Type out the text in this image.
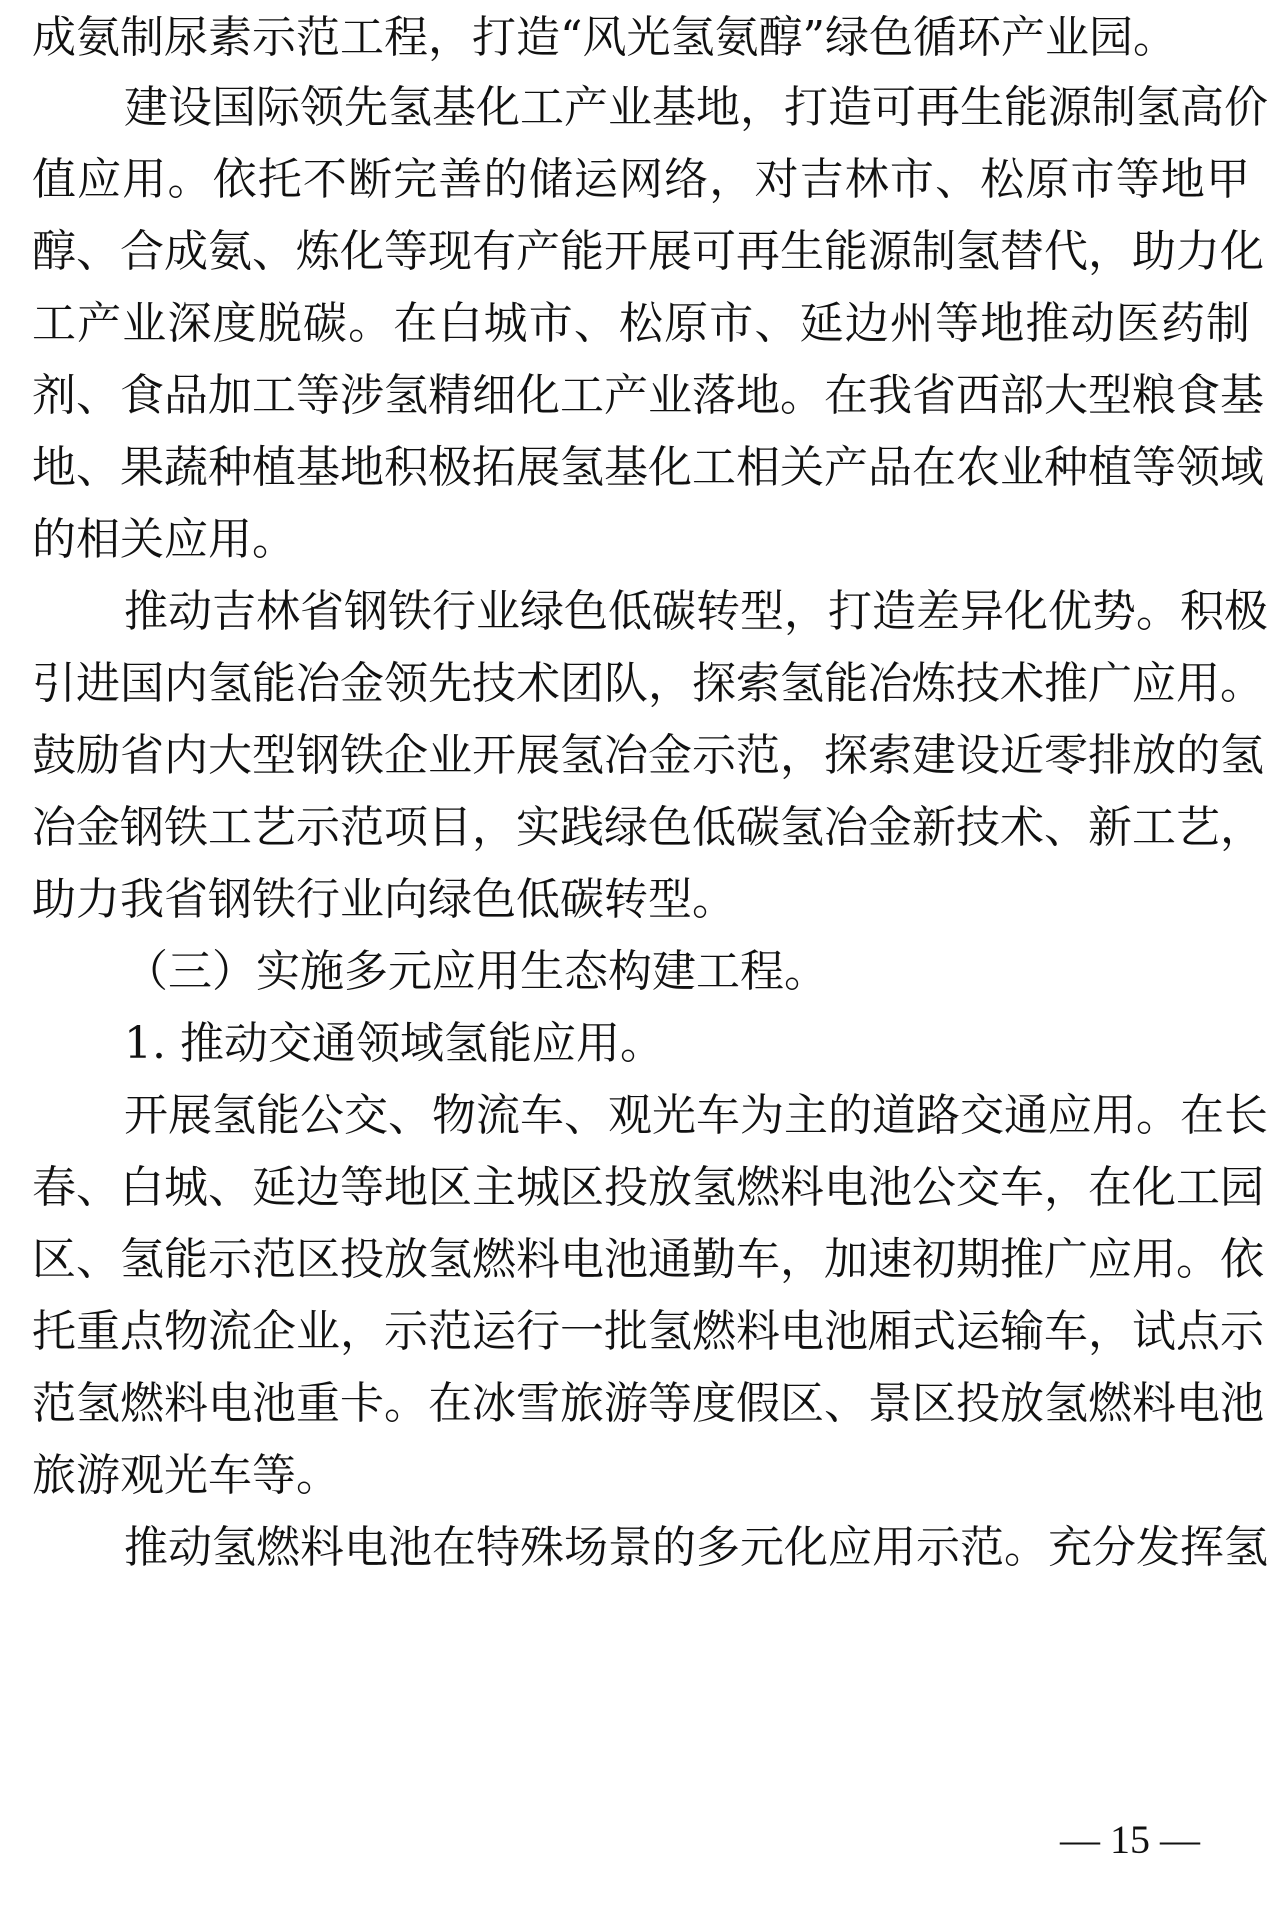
成氨制尿素示范工程，打造“风光氢氨醇”绿色循环产业园。
建设国际领先氢基化工产业基地，打造可再生能源制氢高价
值应用。依托不断完善的储运网络，对吉林市、松原市等地甲
醇、合成氨、炼化等现有产能开展可再生能源制氢替代，助力化
工产业深度脱碳。在白城市、松原市、延边州等地推动医药制
剂、食品加工等涉氢精细化工产业落地。在我省西部大型粮食基
地、果蔬种植基地积极拓展氢基化工相关产品在农业种植等领域
的相关应用。
推动吉林省钢铁行业绿色低碳转型，打造差异化优势。积极
引进国内氢能冶金领先技术团队，探索氢能冶炼技术推广应用。
鼓励省内大型钢铁企业开展氢冶金示范，探索建设近零排放的氢
冶金钢铁工艺示范项目，实践绿色低碳氢冶金新技术、新工艺，
助力我省钢铁行业向绿色低碳转型。
（三）实施多元应用生态构建工程。
1. 推动交通领域氢能应用。
开展氢能公交、物流车、观光车为主的道路交通应用。在长
春、白城、延边等地区主城区投放氢燃料电池公交车，在化工园
区、氢能示范区投放氢燃料电池通勤车，加速初期推广应用。依
托重点物流企业，示范运行一批氢燃料电池厢式运输车，试点示
范氢燃料电池重卡。在冰雪旅游等度假区、景区投放氢燃料电池
旅游观光车等。
推动氢燃料电池在特殊场景的多元化应用示范。充分发挥氢
— 15 —
